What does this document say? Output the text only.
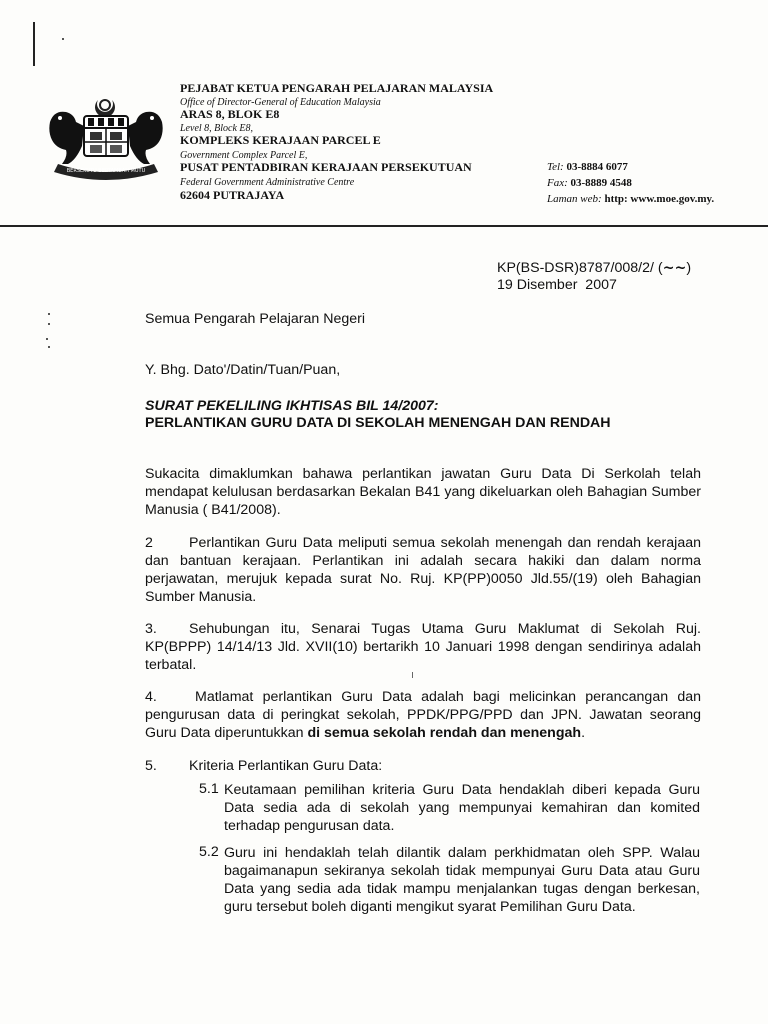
BERSEKUTU BERTAMBAH MUTU
PEJABAT KETUA PENGARAH PELAJARAN MALAYSIA
Office of Director-General of Education Malaysia
ARAS 8, BLOK E8
Level 8, Block E8,
KOMPLEKS KERAJAAN PARCEL E
Government Complex Parcel E,
PUSAT PENTADBIRAN KERAJAAN PERSEKUTUAN
Federal Government Administrative Centre
62604 PUTRAJAYA
Tel: 03-8884 6077
Fax: 03-8889 4548
Laman web: http: www.moe.gov.my.
KP(BS-DSR)8787/008/2/ (~~)
19 Disember  2007
Semua Pengarah Pelajaran Negeri
Y. Bhg. Dato'/Datin/Tuan/Puan,
SURAT PEKELILING IKHTISAS BIL 14/2007:
PERLANTIKAN GURU DATA DI SEKOLAH MENENGAH DAN RENDAH
Sukacita dimaklumkan bahawa perlantikan jawatan Guru Data Di Serkolah telah mendapat kelulusan berdasarkan Bekalan B41 yang dikeluarkan oleh Bahagian Sumber Manusia ( B41/2008).
2	Perlantikan Guru Data meliputi semua sekolah menengah dan rendah kerajaan dan bantuan kerajaan. Perlantikan ini adalah secara hakiki dan dalam norma perjawatan, merujuk kepada surat No. Ruj. KP(PP)0050 Jld.55/(19) oleh Bahagian Sumber Manusia.
3. Sehubungan itu, Senarai Tugas Utama Guru Maklumat di Sekolah Ruj. KP(BPPP) 14/14/13 Jld. XVII(10) bertarikh 10 Januari 1998 dengan sendirinya adalah terbatal.
4.	Matlamat perlantikan Guru Data adalah bagi melicinkan perancangan dan pengurusan data di peringkat sekolah, PPDK/PPG/PPD dan JPN. Jawatan seorang Guru Data diperuntukkan di semua sekolah rendah dan menengah.
5. Kriteria Perlantikan Guru Data:
5.1 Keutamaan pemilihan kriteria Guru Data hendaklah diberi kepada Guru Data sedia ada di sekolah yang mempunyai kemahiran dan komited terhadap pengurusan data.
5.2 Guru ini hendaklah telah dilantik dalam perkhidmatan oleh SPP. Walau bagaimanapun sekiranya sekolah tidak mempunyai Guru Data atau Guru Data yang sedia ada tidak mampu menjalankan tugas dengan berkesan, guru tersebut boleh diganti mengikut syarat Pemilihan Guru Data.
